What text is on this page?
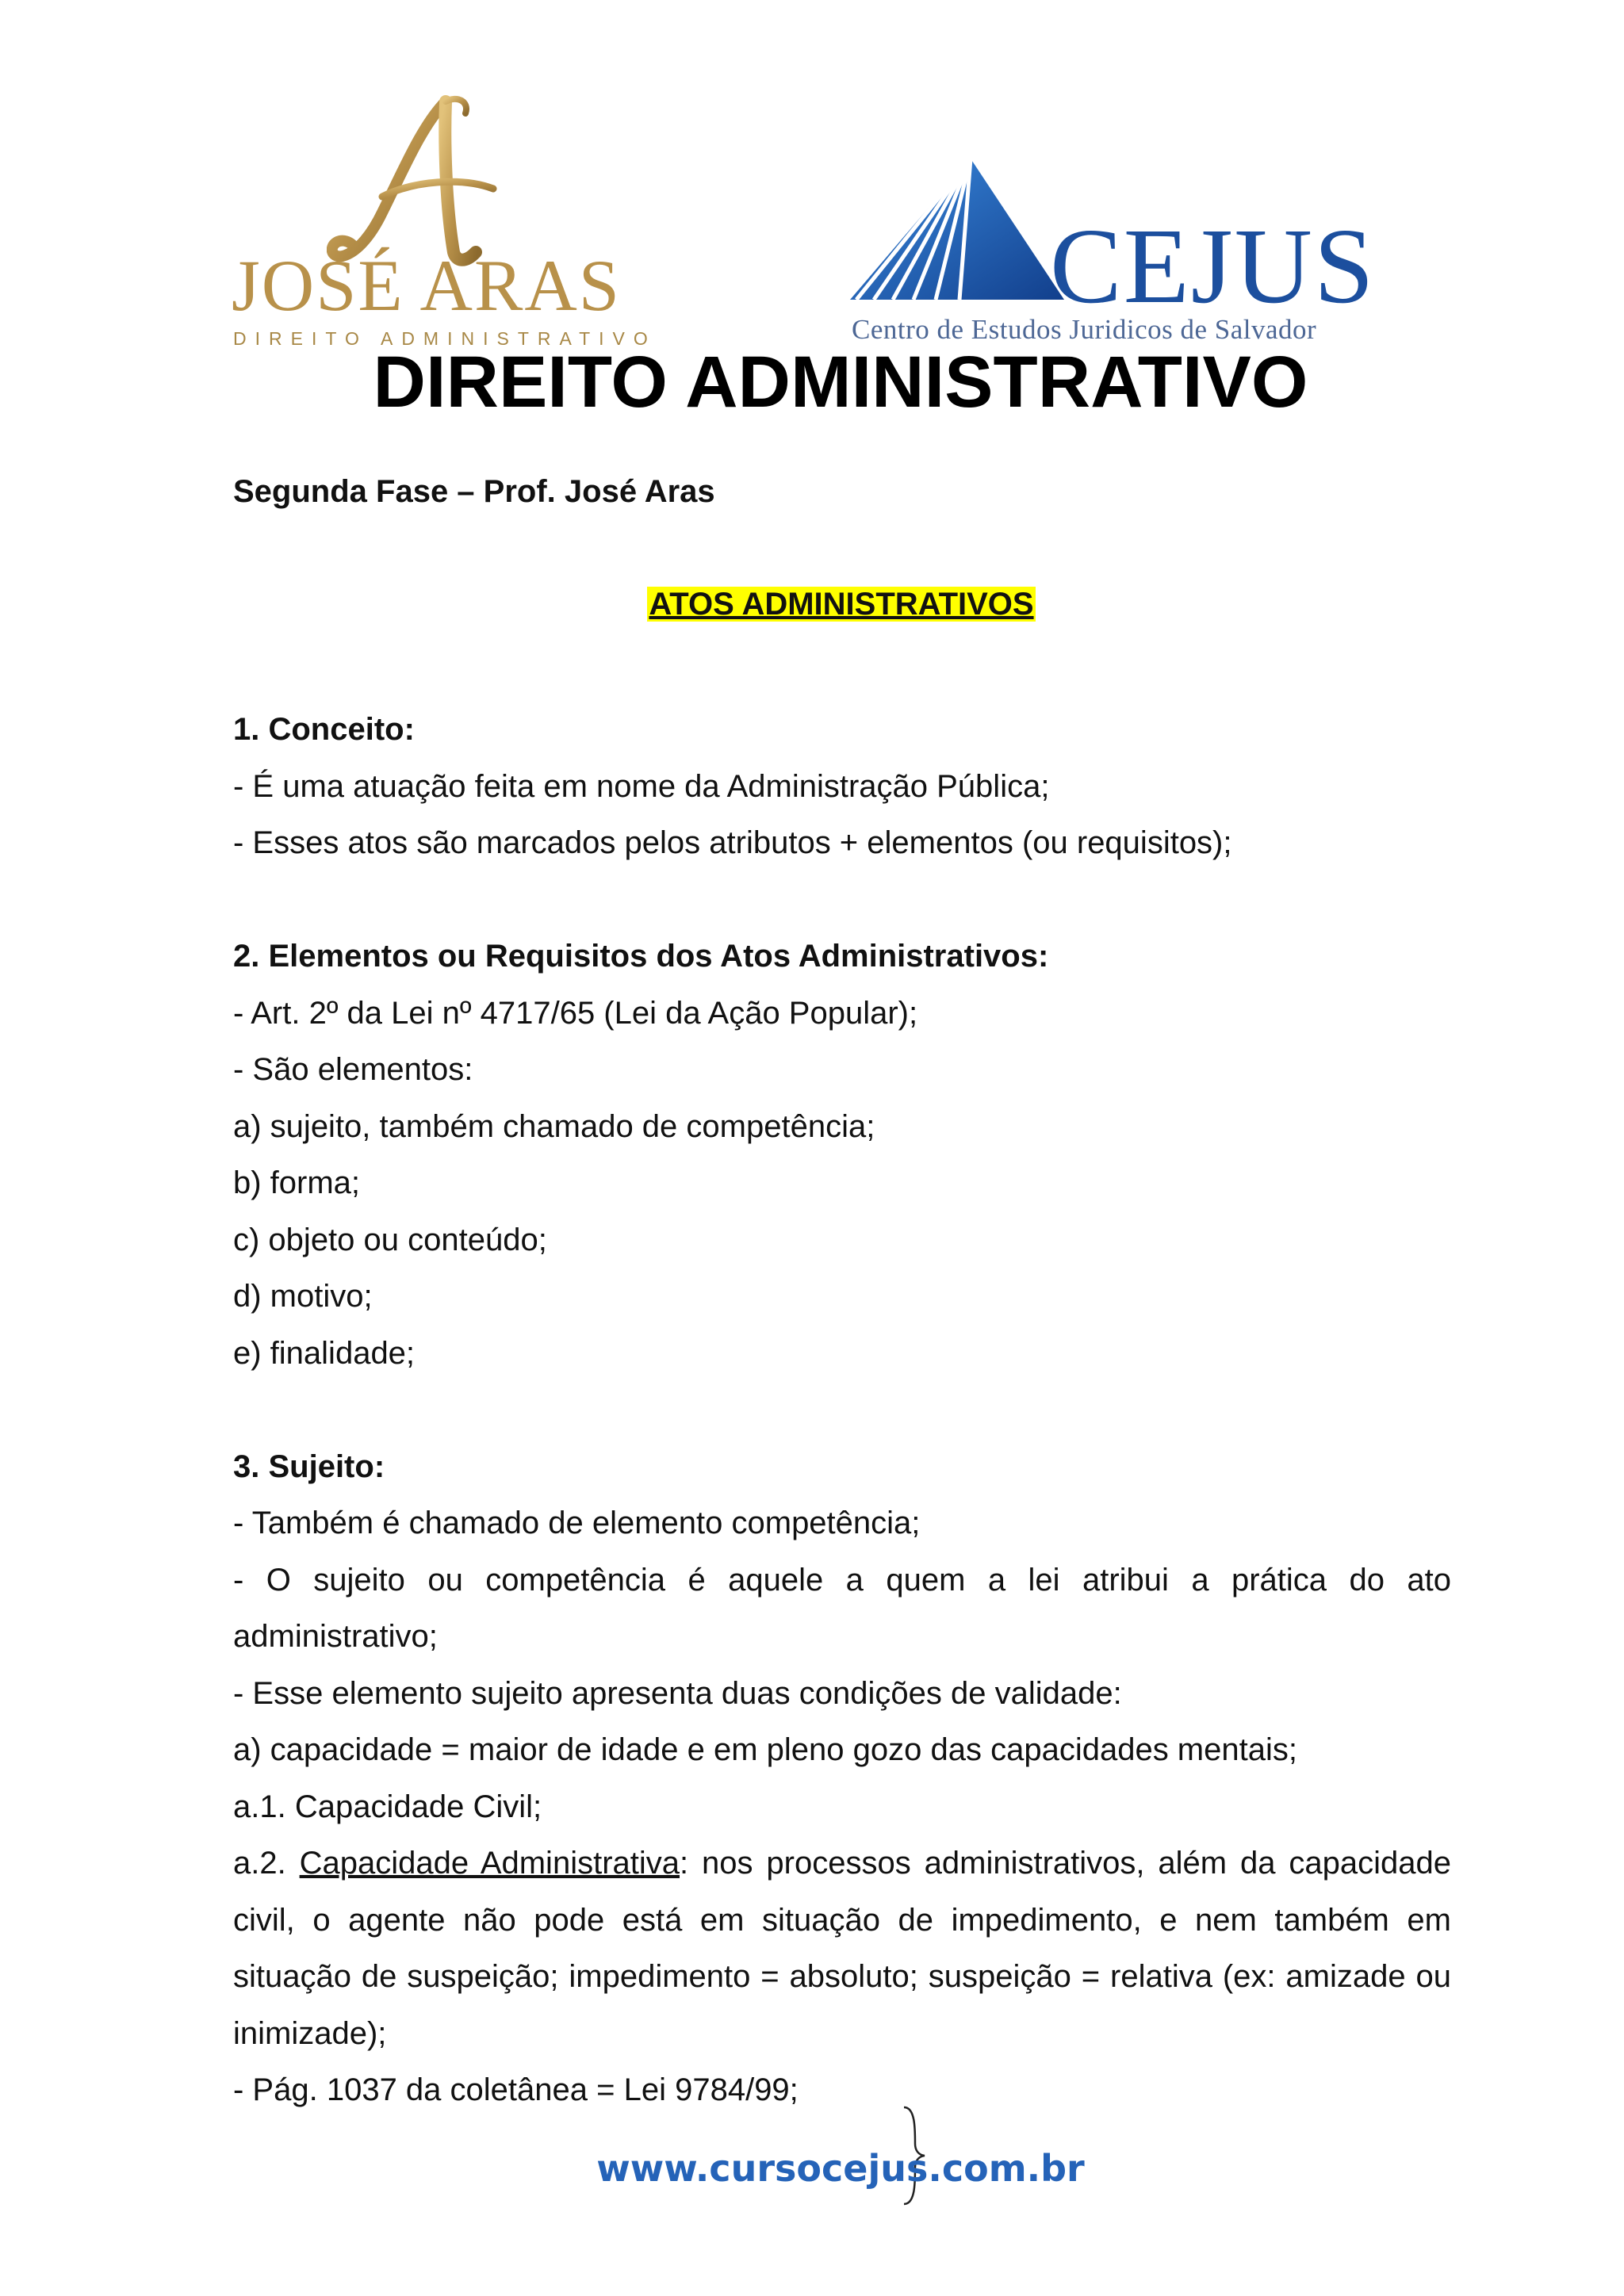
JOSÉ ARAS
DIREITO ADMINISTRATIVO
CEJUS
Centro de Estudos Juridicos de Salvador
DIREITO ADMINISTRATIVO
Segunda Fase – Prof. José Aras
ATOS ADMINISTRATIVOS
1. Conceito:
- É uma atuação feita em nome da Administração Pública;
- Esses atos são marcados pelos atributos + elementos (ou requisitos);
2. Elementos ou Requisitos dos Atos Administrativos:
- Art. 2º da Lei nº 4717/65 (Lei da Ação Popular);
- São elementos:
a) sujeito, também chamado de competência;
b) forma;
c) objeto ou conteúdo;
d) motivo;
e) finalidade;
3. Sujeito:
- Também é chamado de elemento competência;
- O sujeito ou competência é aquele a quem a lei atribui a prática do ato administrativo;
- Esse elemento sujeito apresenta duas condições de validade:
a) capacidade = maior de idade e em pleno gozo das capacidades mentais;
a.1. Capacidade Civil;
a.2. Capacidade Administrativa: nos processos administrativos, além da capacidade civil, o agente não pode está em situação de impedimento, e nem também em situação de suspeição; impedimento = absoluto; suspeição = relativa (ex: amizade ou inimizade);
- Pág. 1037 da coletânea = Lei 9784/99;
www.cursocejus.com.br
